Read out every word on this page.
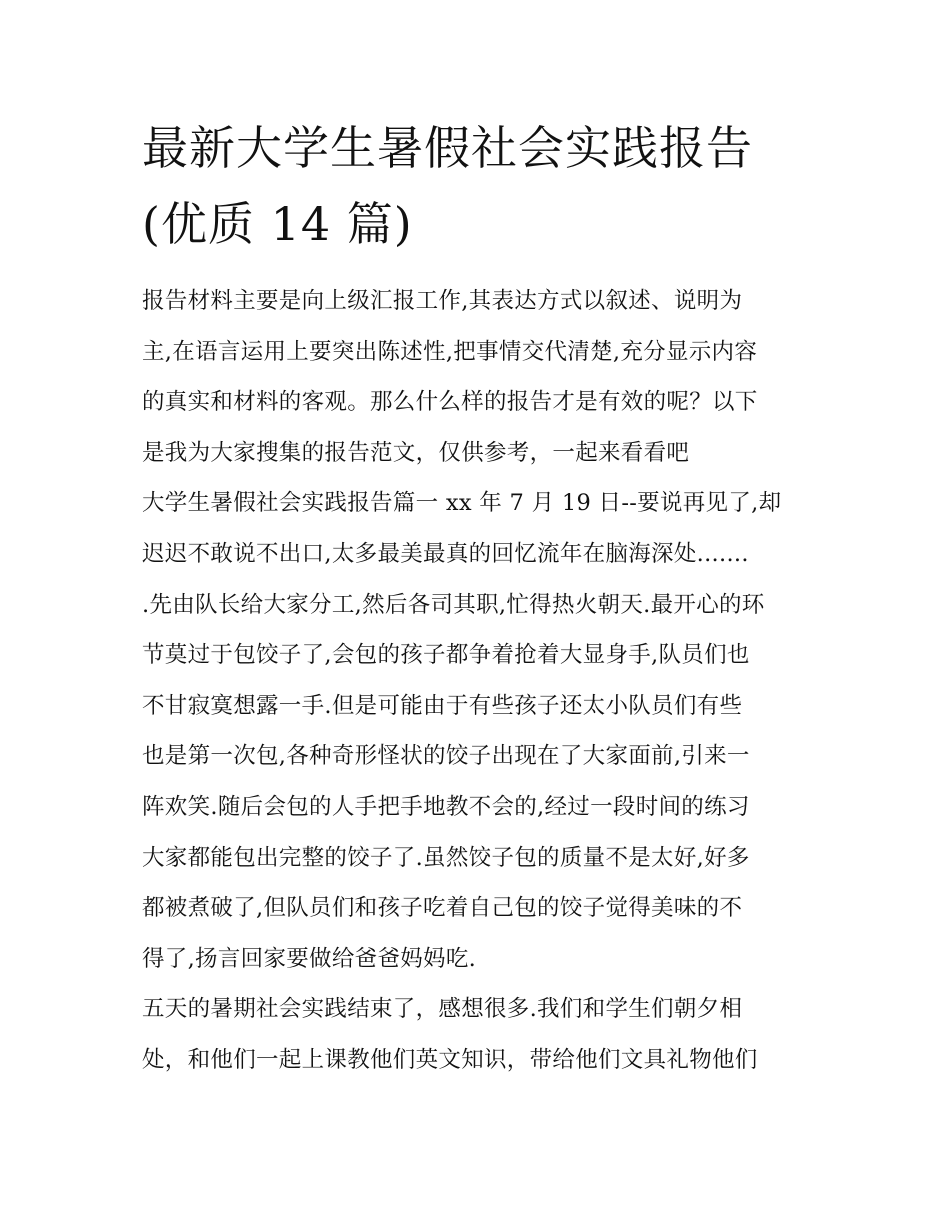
最新大学生暑假社会实践报告
(优质 14 篇)
报告材料主要是向上级汇报工作,其表达方式以叙述、说明为
主,在语言运用上要突出陈述性,把事情交代清楚,充分显示内容
的真实和材料的客观。那么什么样的报告才是有效的呢？以下
是我为大家搜集的报告范文，仅供参考，一起来看看吧
大学生暑假社会实践报告篇一 xx 年 7 月 19 日--要说再见了,却
迟迟不敢说不出口,太多最美最真的回忆流年在脑海深处.......
.先由队长给大家分工,然后各司其职,忙得热火朝天.最开心的环
节莫过于包饺子了,会包的孩子都争着抢着大显身手,队员们也
不甘寂寞想露一手.但是可能由于有些孩子还太小队员们有些
也是第一次包,各种奇形怪状的饺子出现在了大家面前,引来一
阵欢笑.随后会包的人手把手地教不会的,经过一段时间的练习
大家都能包出完整的饺子了.虽然饺子包的质量不是太好,好多
都被煮破了,但队员们和孩子吃着自己包的饺子觉得美味的不
得了,扬言回家要做给爸爸妈妈吃.
五天的暑期社会实践结束了，感想很多.我们和学生们朝夕相
处，和他们一起上课教他们英文知识，带给他们文具礼物他们
